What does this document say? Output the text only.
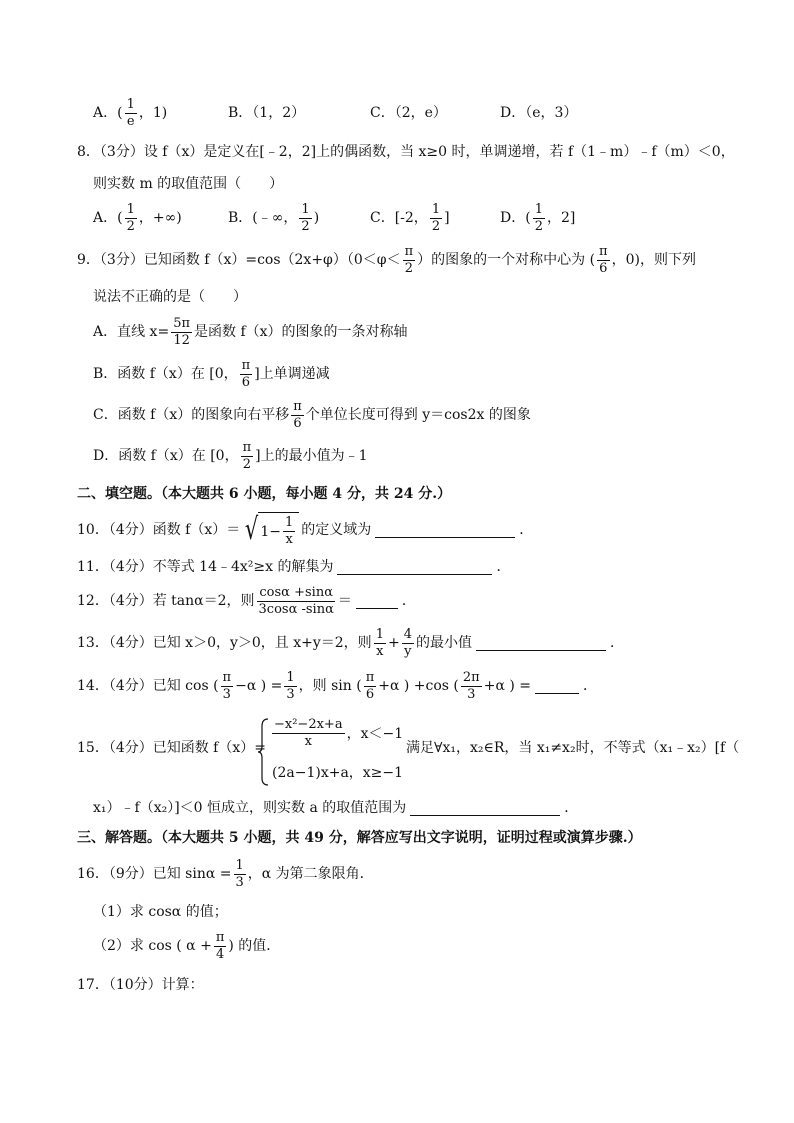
A．( $\frac{1}{e}$ ，1)	B．（1，2）	C．（2，e）	D．（e，3）
8．（3分）设 f（x）是定义在[﹣2，2]上的偶函数，当 x≥0 时，单调递增，若 f（1﹣m）﹣f（m）＜0，
则实数 m 的取值范围（　　）
A．( $\frac{1}{2}$ ，+∞)	B．(﹣∞， $\frac{1}{2}$ )	C．[-2， $\frac{1}{2}$ ]	D．( $\frac{1}{2}$ ，2]
9．（3分）已知函数 $f(x)=\cos(2x+\varphi)(0<\varphi< \frac{\pi}{2}$ ）的图象的一个对称中心为 ( $\frac{\pi}{6}$ ，0)，则下列
说法不正确的是（　　）
A．直线 $x= \frac{5\pi}{12}$ 是函数 f（x）的图象的一条对称轴
B．函数 f（x）在 [0， $\frac{\pi}{6}$ ]上单调递减
C．函数 f（x）的图象向右平移 $\frac{\pi}{6}$ 个单位长度可得到 y＝cos2x 的图象
D．函数 f（x）在 [0， $\frac{\pi}{2}$ ]上的最小值为﹣1
二、填空题。（本大题共 6 小题，每小题 4 分，共 24 分.）
10．（4分）函数 f（x）＝ √ $1- \frac{1}{x}$ 的定义域为	．
11．（4分）不等式 14﹣4x²≥x 的解集为	．
12．（4分）若 tanα＝2，则 $\frac{\cos\alpha +\sin\alpha}{3\cos\alpha -\sin\alpha}$ ＝	．
13．（4分）已知 x＞0，y＞0，且 x+y＝2，则 $\frac{1}{x} + \frac{4}{y}$ 的最小值	．
14．（4分）已知 cos ( $\frac{\pi}{3} -\alpha$ ) = $\frac{1}{3}$ ，则 sin ( $\frac{\pi}{6} +\alpha$ ) +cos ( $\frac{2\pi}{3} +\alpha$ ) =	．
15．（4分）已知函数 $f(x)= \frac{\text{−x²−2x+a}}{x}$ ，x＜−1
(2a−1)x+a，x≥−1
满足∀x₁，x₂∈R，当 x₁≠x₂时，不等式（x₁﹣x₂）[f（
x₁）﹣f（x₂）]＜0 恒成立，则实数 a 的取值范围为	．
三、解答题。（本大题共 5 小题，共 49 分，解答应写出文字说明，证明过程或演算步骤.）
16．（9分）已知 $\sin\alpha = \frac{1}{3}$ ，α 为第二象限角．
（1）求 cosα 的值；
（2）求 cos ( $\alpha + \frac{\pi}{4}$ ) 的值．
17．（10分）计算：
